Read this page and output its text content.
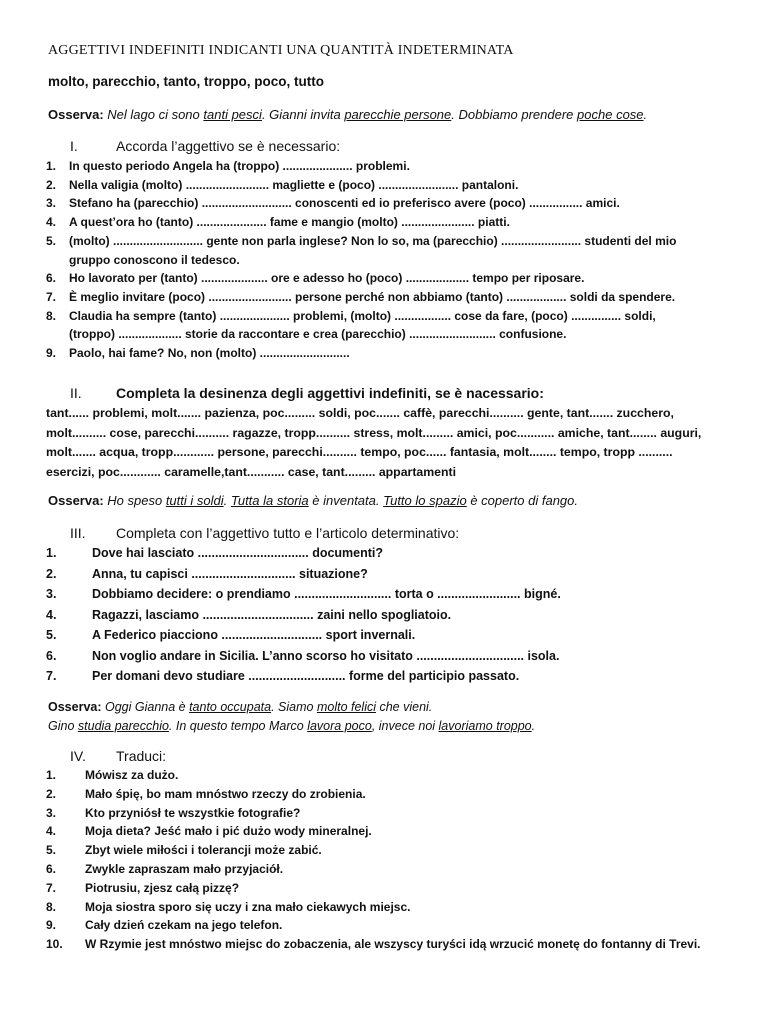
AGGETTIVI INDEFINITI INDICANTI UNA QUANTITÀ INDETERMINATA
molto, parecchio, tanto, troppo, poco, tutto
Osserva: Nel lago ci sono tanti pesci. Gianni invita parecchie persone. Dobbiamo prendere poche cose.
I.	Accorda l’aggettivo se è necessario:
1. In questo periodo Angela ha (troppo) ..................... problemi.
2. Nella valigia (molto) ......................... magliette e (poco) ........................ pantaloni.
3. Stefano ha (parecchio) ........................... conoscenti ed io preferisco avere (poco) ................ amici.
4. A quest’ora ho (tanto) ..................... fame e mangio (molto) ...................... piatti.
5. (molto) ........................... gente non parla inglese? Non lo so, ma (parecchio) ........................ studenti del mio
gruppo conoscono il tedesco.
6. Ho lavorato per (tanto) .................... ore e adesso ho (poco) ................... tempo per riposare.
7. È meglio invitare (poco) ......................... persone perché non abbiamo (tanto) .................. soldi da spendere.
8. Claudia ha sempre (tanto) ..................... problemi, (molto) ................. cose da fare, (poco) ............... soldi,
(troppo) ................... storie da raccontare e crea (parecchio) .......................... confusione.
9. Paolo, hai fame? No, non (molto) ...........................
II. Completa la desinenza degli aggettivi indefiniti, se è nacessario:
tant...... problemi, molt....... pazienza, poc......... soldi, poc....... caffè, parecchi.......... gente, tant....... zucchero,
molt.......... cose, parecchi.......... ragazze, tropp.......... stress, molt......... amici, poc........... amiche, tant........ auguri,
molt....... acqua, tropp............ persone, parecchi.......... tempo, poc...... fantasia, molt........ tempo, tropp ..........
esercizi, poc............ caramelle,tant........... case, tant......... appartamenti
Osserva: Ho speso tutti i soldi. Tutta la storia è inventata. Tutto lo spazio è coperto di fango.
III. Completa con l’aggettivo tutto e l’articolo determinativo:
1.	Dove hai lasciato ................................ documenti?
2.	Anna, tu capisci .............................. situazione?
3.	Dobbiamo decidere: o prendiamo ............................ torta o ........................ bigné.
4.	Ragazzi, lasciamo ................................ zaini nello spogliatoio.
5.	A Federico piacciono ............................. sport invernali.
6.	Non voglio andare in Sicilia. L’anno scorso ho visitato ............................... isola.
7.	Per domani devo studiare ............................ forme del participio passato.
Osserva: Oggi Gianna è tanto occupata. Siamo molto felici che vieni.
Gino studia parecchio. In questo tempo Marco lavora poco, invece noi lavoriamo troppo.
IV. Traduci:
1. Mówisz za dużo.
2. Mało śpię, bo mam mnóstwo rzeczy do zrobienia.
3. Kto przyniósł te wszystkie fotografie?
4. Moja dieta? Jeść mało i pić dużo wody mineralnej.
5. Zbyt wiele miłości i tolerancji może zabić.
6. Zwykle zapraszam mało przyjaciół.
7. Piotrusiu, zjesz całą pizzę?
8. Moja siostra sporo się uczy i zna mało ciekawych miejsc.
9. Cały dzień czekam na jego telefon.
10. W Rzymie jest mnóstwo miejsc do zobaczenia, ale wszyscy turyści idą wrzucić monetę do fontanny di Trevi.
